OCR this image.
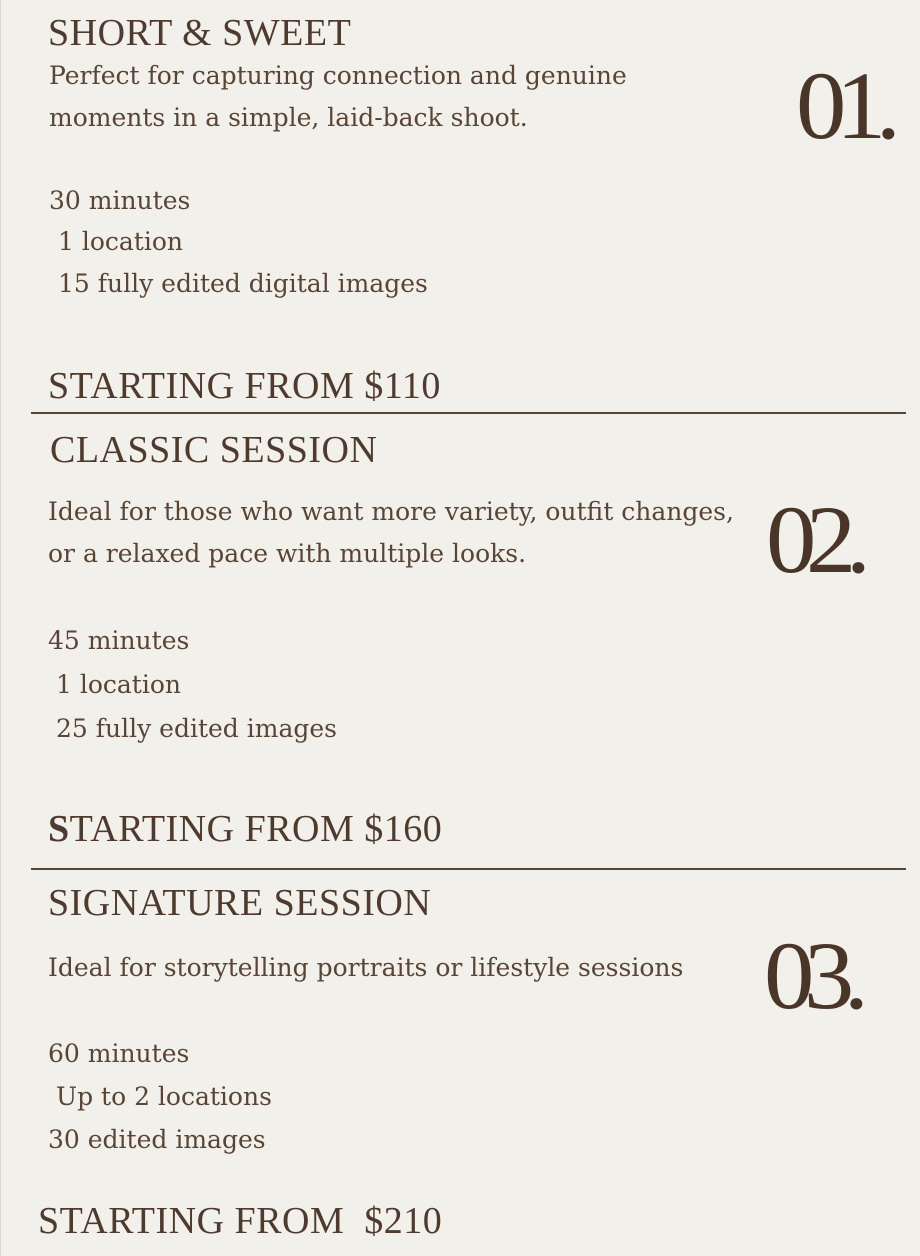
SHORT & SWEET
Perfect for capturing connection and genuine moments in a simple, laid-back shoot.	01.
30 minutes
1 location
15 fully edited digital images
STARTING FROM $110
CLASSIC SESSION
Ideal for those who want more variety, outfit changes, or a relaxed pace with multiple looks.	02.
45 minutes
1 location
25 fully edited images
STARTING FROM $160
SIGNATURE SESSION
Ideal for storytelling portraits or lifestyle sessions 03.
60 minutes
Up to 2 locations
30 edited images
STARTING FROM  $210
